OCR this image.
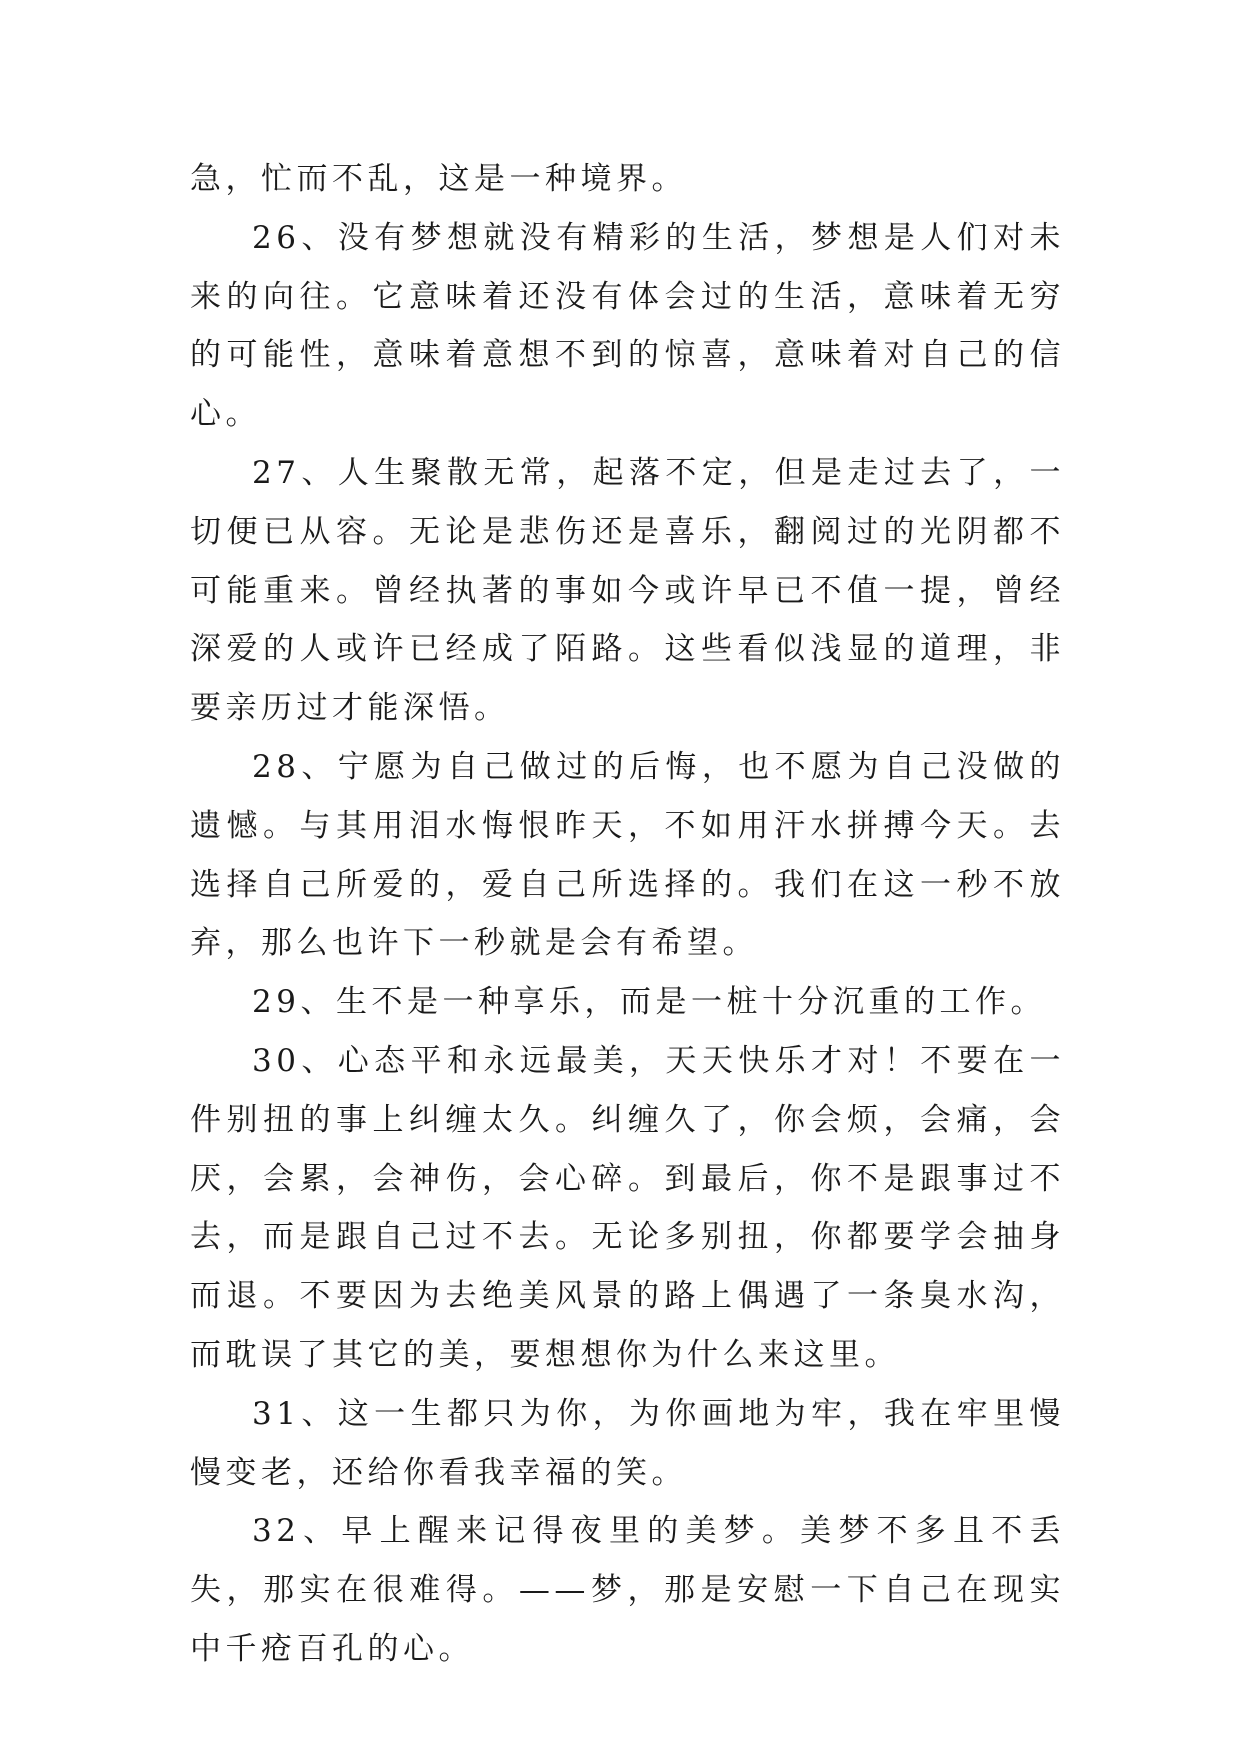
急，忙而不乱，这是一种境界。

26、没有梦想就没有精彩的生活，梦想是人们对未来的向往。它意味着还没有体会过的生活，意味着无穷的可能性，意味着意想不到的惊喜，意味着对自己的信心。

27、人生聚散无常，起落不定，但是走过去了，一切便已从容。无论是悲伤还是喜乐，翻阅过的光阴都不可能重来。曾经执著的事如今或许早已不值一提，曾经深爱的人或许已经成了陌路。这些看似浅显的道理，非要亲历过才能深悟。

28、宁愿为自己做过的后悔，也不愿为自己没做的遗憾。与其用泪水悔恨昨天，不如用汗水拼搏今天。去选择自己所爱的，爱自己所选择的。我们在这一秒不放弃，那么也许下一秒就是会有希望。

29、生不是一种享乐，而是一桩十分沉重的工作。

30、心态平和永远最美，天天快乐才对！不要在一件别扭的事上纠缠太久。纠缠久了，你会烦，会痛，会厌，会累，会神伤，会心碎。到最后，你不是跟事过不去，而是跟自己过不去。无论多别扭，你都要学会抽身而退。不要因为去绝美风景的路上偶遇了一条臭水沟，而耽误了其它的美，要想想你为什么来这里。

31、这一生都只为你，为你画地为牢，我在牢里慢慢变老，还给你看我幸福的笑。

32、早上醒来记得夜里的美梦。美梦不多且不丢失，那实在很难得。——梦，那是安慰一下自己在现实中千疮百孔的心。
